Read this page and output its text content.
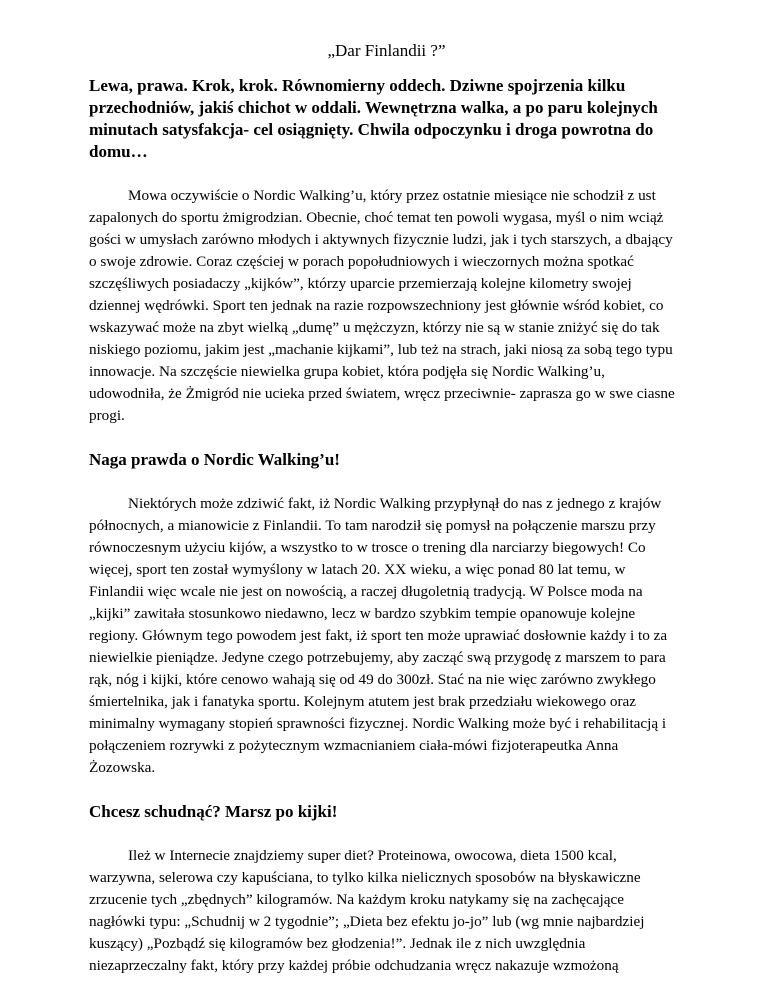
„Dar Finlandii ?”

Lewa, prawa. Krok, krok. Równomierny oddech. Dziwne spojrzenia kilku przechodniów, jakiś chichot w oddali. Wewnętrzna walka, a po paru kolejnych minutach satysfakcja- cel osiągnięty. Chwila odpoczynku i droga powrotna do domu…

Mowa oczywiście o Nordic Walking’u, który przez ostatnie miesiące nie schodził z ust zapalonych do sportu żmigrodzian. Obecnie, choć temat ten powoli wygasa, myśl o nim wciąż gości w umysłach zarówno młodych i aktywnych fizycznie ludzi, jak i tych starszych, a dbający o swoje zdrowie. Coraz częściej w porach popołudniowych i wieczornych można spotkać szczęśliwych posiadaczy „kijków”, którzy uparcie przemierzają kolejne kilometry swojej dziennej wędrówki. Sport ten jednak na razie rozpowszechniony jest głównie wśród kobiet, co wskazywać może na zbyt wielką „dumę” u mężczyzn, którzy nie są w stanie zniżyć się do tak niskiego poziomu, jakim jest „machanie kijkami”, lub też na strach, jaki niosą za sobą tego typu innowacje. Na szczęście niewielka grupa kobiet, która podjęła się Nordic Walking’u, udowodniła, że Żmigród nie ucieka przed światem, wręcz przeciwnie- zaprasza go w swe ciasne progi.

Naga prawda o Nordic Walking’u!

Niektórych może zdziwić fakt, iż Nordic Walking przypłynął do nas z jednego z krajów północnych, a mianowicie z Finlandii. To tam narodził się pomysł na połączenie marszu przy równoczesnym użyciu kijów, a wszystko to w trosce o trening dla narciarzy biegowych! Co więcej, sport ten został wymyślony w latach 20. XX wieku, a więc ponad 80 lat temu, w Finlandii więc wcale nie jest on nowością, a raczej długoletnią tradycją. W Polsce moda na „kijki” zawitała stosunkowo niedawno, lecz w bardzo szybkim tempie opanowuje kolejne regiony. Głównym tego powodem jest fakt, iż sport ten może uprawiać dosłownie każdy i to za niewielkie pieniądze. Jedyne czego potrzebujemy, aby zacząć swą przygodę z marszem to para rąk, nóg i kijki, które cenowo wahają się od 49 do 300zł. Stać na nie więc zarówno zwykłego śmiertelnika, jak i fanatyka sportu. Kolejnym atutem jest brak przedziału wiekowego oraz minimalny wymagany stopień sprawności fizycznej. Nordic Walking może być i rehabilitacją i połączeniem rozrywki z pożytecznym wzmacnianiem ciała-mówi fizjoterapeutka Anna Żozowska.

Chcesz schudnąć? Marsz po kijki!

Ileż w Internecie znajdziemy super diet? Proteinowa, owocowa, dieta 1500 kcal, warzywna, selerowa czy kapuściana, to tylko kilka nielicznych sposobów na błyskawiczne zrzucenie tych „zbędnych” kilogramów. Na każdym kroku natykamy się na zachęcające nagłówki typu: „Schudnij w 2 tygodnie”; „Dieta bez efektu jo-jo” lub (wg mnie najbardziej kuszący) „Pozbądź się kilogramów bez głodzenia!”. Jednak ile z nich uwzględnia niezaprzeczalny fakt, który przy każdej próbie odchudzania wręcz nakazuje wzmożoną
